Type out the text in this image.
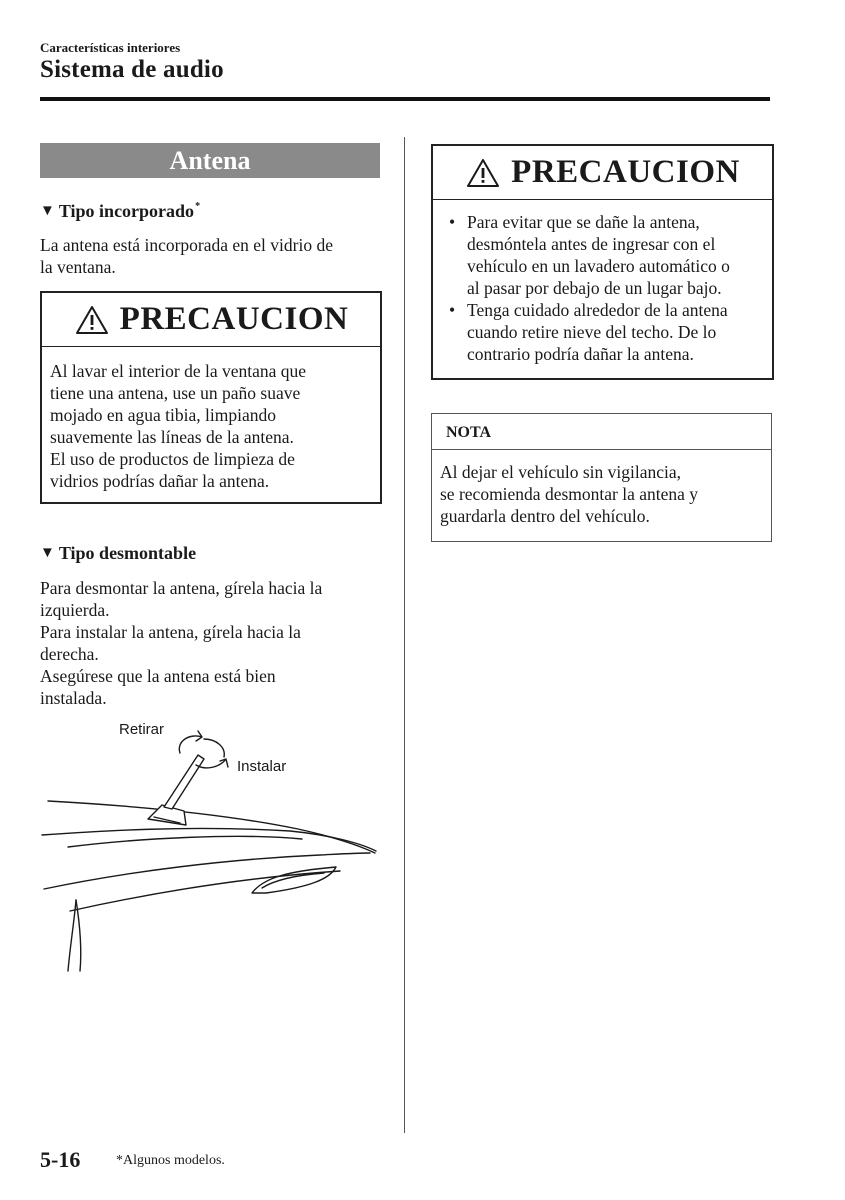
Características interiores
Sistema de audio
Antena
▼ Tipo incorporado*
La antena está incorporada en el vidrio de
la ventana.
PRECAUCION
Al lavar el interior de la ventana que
tiene una antena, use un paño suave
mojado en agua tibia, limpiando
suavemente las líneas de la antena.
El uso de productos de limpieza de
vidrios podrías dañar la antena.
▼ Tipo desmontable
Para desmontar la antena, gírela hacia la
izquierda.
Para instalar la antena, gírela hacia la
derecha.
Asegúrese que la antena está bien
instalada.
Retirar
Instalar
PRECAUCION
• Para evitar que se dañe la antena,
desmóntela antes de ingresar con el
vehículo en un lavadero automático o
al pasar por debajo de un lugar bajo.
• Tenga cuidado alrededor de la antena
cuando retire nieve del techo. De lo
contrario podría dañar la antena.
NOTA
Al dejar el vehículo sin vigilancia,
se recomienda desmontar la antena y
guardarla dentro del vehículo.
5-16	*Algunos modelos.
